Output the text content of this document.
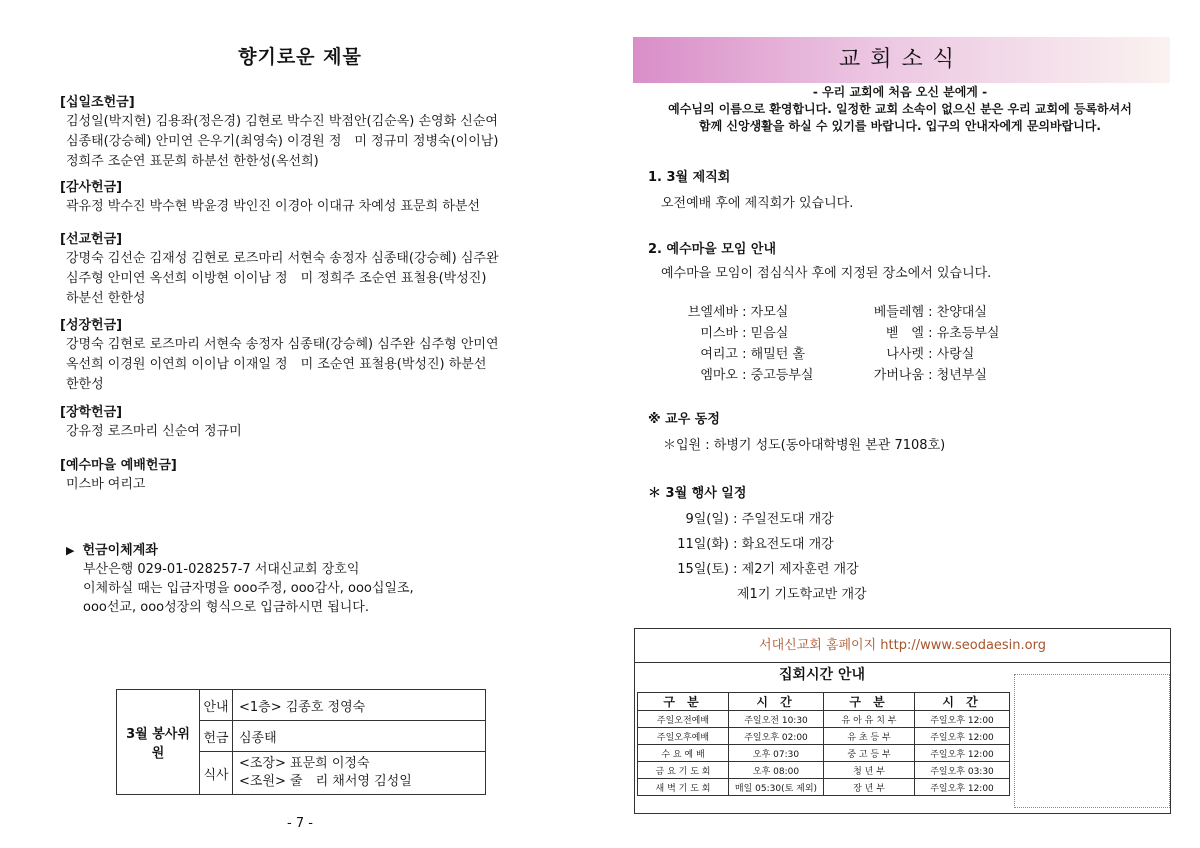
향기로운 제물
[십일조헌금]
김성일(박지현) 김용좌(정은경) 김현로 박수진 박점안(김순옥) 손영화 신순여
심종태(강승혜) 안미연 은우기(최영숙) 이경원 정　미 정규미 정병숙(이이남)
정희주 조순연 표문희 하분선 한한성(옥선희)
[감사헌금]
곽유정 박수진 박수현 박윤경 박인진 이경아 이대규 차예성 표문희 하분선
[선교헌금]
강명숙 김선순 김재성 김현로 로즈마리 서현숙 송정자 심종태(강승혜) 심주완
심주형 안미연 옥선희 이방현 이이남 정　미 정희주 조순연 표철용(박성진)
하분선 한한성
[성장헌금]
강명숙 김현로 로즈마리 서현숙 송정자 심종태(강승혜) 심주완 심주형 안미연
옥선희 이경원 이연희 이이남 이재일 정　미 조순연 표철용(박성진) 하분선
한한성
[장학헌금]
강유정 로즈마리 신순여 정규미
[예수마을 예배헌금]
미스바 여리고
▶ 헌금이체계좌
부산은행 029-01-028257-7 서대신교회 장호익
이체하실 때는 입금자명을 ooo주정, ooo감사, ooo십일조,
ooo선교, ooo성장의 형식으로 입금하시면 됩니다.
3월 봉사위원	안내	<1층> 김종호 정영숙
	헌금	심종태
	식사	<조장> 표문희 이정숙
<조원> 줄　리 채서영 김성일
- 7 -
교회소식
- 우리 교회에 처음 오신 분에게 -
예수님의 이름으로 환영합니다. 일정한 교회 소속이 없으신 분은 우리 교회에 등록하셔서
함께 신앙생활을 하실 수 있기를 바랍니다. 입구의 안내자에게 문의바랍니다.
1. 3월 제직회
오전예배 후에 제직회가 있습니다.
2. 예수마을 모임 안내
예수마을 모임이 점심식사 후에 지정된 장소에서 있습니다.
브엘세바 : 자모실
미스바 : 믿음실
여리고 : 해밀턴 홀
엠마오 : 중고등부실
베들레헴 : 찬양대실
벧　엘 : 유초등부실
나사렛 : 사랑실
가버나움 : 청년부실
※ 교우 동정
＊입원 : 하병기 성도(동아대학병원 본관 7108호)
＊ 3월 행사 일정
9일(일) : 주일전도대 개강
11일(화) : 화요전도대 개강
15일(토) : 제2기 제자훈련 개강
제1기 기도학교반 개강
서대신교회 홈페이지 http://www.seodaesin.org
집회시간 안내
구 분	시 간	구 분	시 간
주일오전예배	주일오전 10:30	유 아 유 치 부	주일오후 12:00
주일오후예배	주일오후 02:00	유 초 등 부	주일오후 12:00
수 요 예 배	오후 07:30	중 고 등 부	주일오후 12:00
금 요 기 도 회	오후 08:00	청 년 부	주일오후 03:30
새 벽 기 도 회	매일 05:30(토 제외)	장 년 부	주일오후 12:00
